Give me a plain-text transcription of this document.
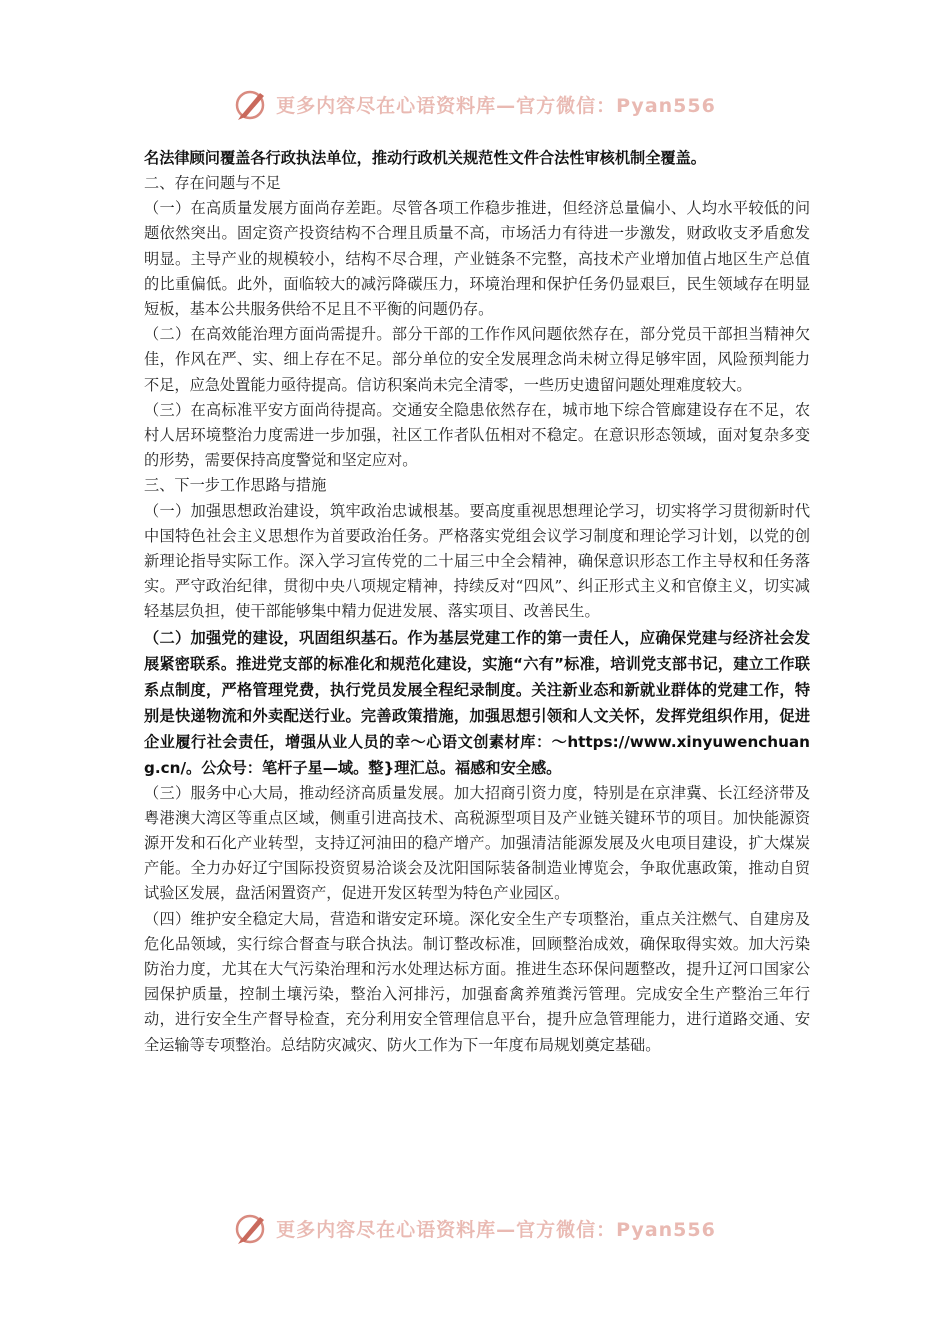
更多内容尽在心语资料库—官方微信：Pyan556

名法律顾问覆盖各行政执法单位，推动行政机关规范性文件合法性审核机制全覆盖。

二、存在问题与不足

（一）在高质量发展方面尚存差距。尽管各项工作稳步推进，但经济总量偏小、人均水平较低的问题依然突出。固定资产投资结构不合理且质量不高，市场活力有待进一步激发，财政收支矛盾愈发明显。主导产业的规模较小，结构不尽合理，产业链条不完整，高技术产业增加值占地区生产总值的比重偏低。此外，面临较大的减污降碳压力，环境治理和保护任务仍显艰巨，民生领域存在明显短板，基本公共服务供给不足且不平衡的问题仍存。

（二）在高效能治理方面尚需提升。部分干部的工作作风问题依然存在，部分党员干部担当精神欠佳，作风在严、实、细上存在不足。部分单位的安全发展理念尚未树立得足够牢固，风险预判能力不足，应急处置能力亟待提高。信访积案尚未完全清零，一些历史遗留问题处理难度较大。

（三）在高标准平安方面尚待提高。交通安全隐患依然存在，城市地下综合管廊建设存在不足，农村人居环境整治力度需进一步加强，社区工作者队伍相对不稳定。在意识形态领域，面对复杂多变的形势，需要保持高度警觉和坚定应对。

三、下一步工作思路与措施

（一）加强思想政治建设，筑牢政治忠诚根基。要高度重视思想理论学习，切实将学习贯彻新时代中国特色社会主义思想作为首要政治任务。严格落实党组会议学习制度和理论学习计划，以党的创新理论指导实际工作。深入学习宣传党的二十届三中全会精神，确保意识形态工作主导权和任务落实。严守政治纪律，贯彻中央八项规定精神，持续反对“四风”、纠正形式主义和官僚主义，切实减轻基层负担，使干部能够集中精力促进发展、落实项目、改善民生。

（二）加强党的建设，巩固组织基石。作为基层党建工作的第一责任人，应确保党建与经济社会发展紧密联系。推进党支部的标准化和规范化建设，实施“六有”标准，培训党支部书记，建立工作联系点制度，严格管理党费，执行党员发展全程纪录制度。关注新业态和新就业群体的党建工作，特别是快递物流和外卖配送行业。完善政策措施，加强思想引领和人文关怀，发挥党组织作用，促进企业履行社会责任，增强从业人员的幸～心语文创素材库：～https://www.xinyuwenchuang.cn/。公众号：笔杆子星—域。整}理汇总。福感和安全感。

（三）服务中心大局，推动经济高质量发展。加大招商引资力度，特别是在京津冀、长江经济带及粤港澳大湾区等重点区域，侧重引进高技术、高税源型项目及产业链关键环节的项目。加快能源资源开发和石化产业转型，支持辽河油田的稳产增产。加强清洁能源发展及火电项目建设，扩大煤炭产能。全力办好辽宁国际投资贸易洽谈会及沈阳国际装备制造业博览会，争取优惠政策，推动自贸试验区发展，盘活闲置资产，促进开发区转型为特色产业园区。

（四）维护安全稳定大局，营造和谐安定环境。深化安全生产专项整治，重点关注燃气、自建房及危化品领域，实行综合督查与联合执法。制订整改标准，回顾整治成效，确保取得实效。加大污染防治力度，尤其在大气污染治理和污水处理达标方面。推进生态环保问题整改，提升辽河口国家公园保护质量，控制土壤污染，整治入河排污，加强畜禽养殖粪污管理。完成安全生产整治三年行动，进行安全生产督导检查，充分利用安全管理信息平台，提升应急管理能力，进行道路交通、安全运输等专项整治。总结防灾减灾、防火工作为下一年度布局规划奠定基础。

更多内容尽在心语资料库—官方微信：Pyan556
